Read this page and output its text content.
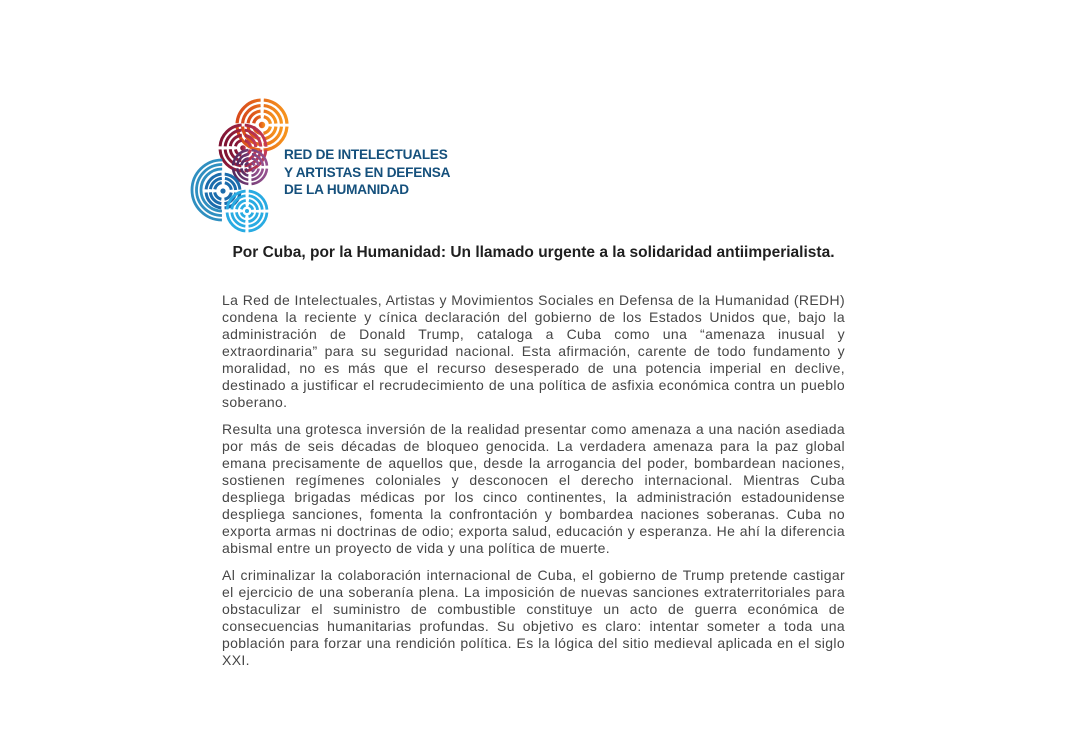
RED DE INTELECTUALES
Y ARTISTAS EN DEFENSA
DE LA HUMANIDAD
Por Cuba, por la Humanidad: Un llamado urgente a la solidaridad antiimperialista.

La Red de Intelectuales, Artistas y Movimientos Sociales en Defensa de la Humanidad (REDH) condena la reciente y cínica declaración del gobierno de los Estados Unidos que, bajo la administración de Donald Trump, cataloga a Cuba como una “amenaza inusual y extraordinaria” para su seguridad nacional. Esta afirmación, carente de todo fundamento y moralidad, no es más que el recurso desesperado de una potencia imperial en declive, destinado a justificar el recrudecimiento de una política de asfixia económica contra un pueblo soberano.

Resulta una grotesca inversión de la realidad presentar como amenaza a una nación asediada por más de seis décadas de bloqueo genocida. La verdadera amenaza para la paz global emana precisamente de aquellos que, desde la arrogancia del poder, bombardean naciones, sostienen regímenes coloniales y desconocen el derecho internacional. Mientras Cuba despliega brigadas médicas por los cinco continentes, la administración estadounidense despliega sanciones, fomenta la confrontación y bombardea naciones soberanas. Cuba no exporta armas ni doctrinas de odio; exporta salud, educación y esperanza. He ahí la diferencia abismal entre un proyecto de vida y una política de muerte.

Al criminalizar la colaboración internacional de Cuba, el gobierno de Trump pretende castigar el ejercicio de una soberanía plena. La imposición de nuevas sanciones extraterritoriales para obstaculizar el suministro de combustible constituye un acto de guerra económica de consecuencias humanitarias profundas. Su objetivo es claro: intentar someter a toda una población para forzar una rendición política. Es la lógica del sitio medieval aplicada en el siglo XXI.
